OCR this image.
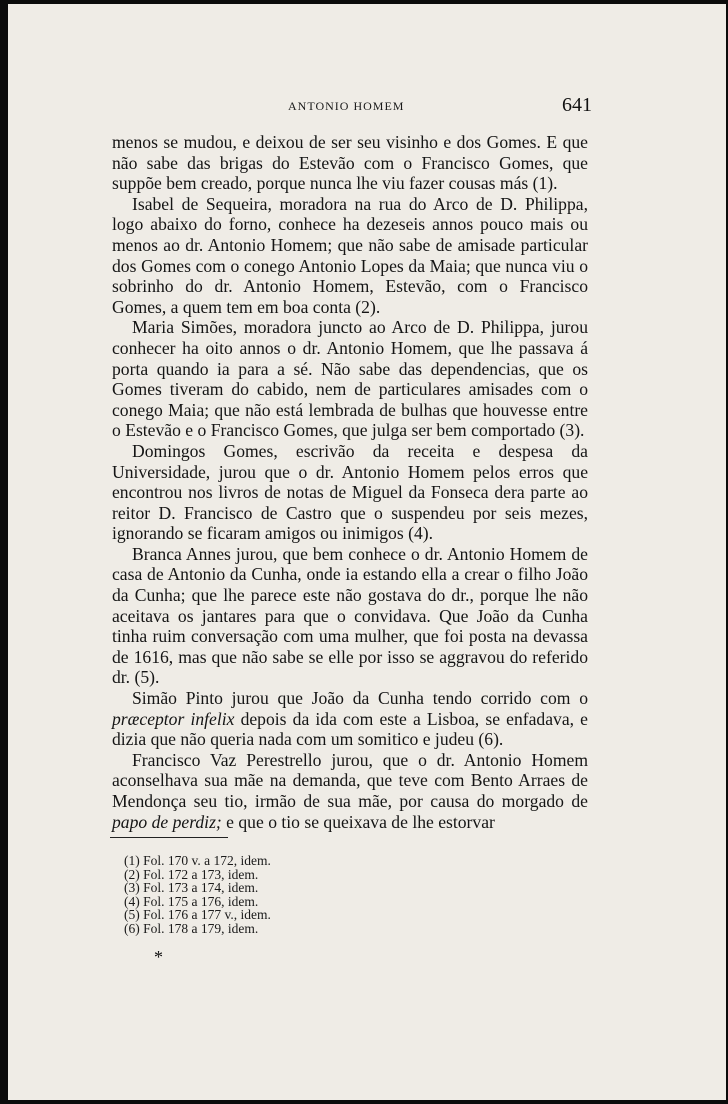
ANTONIO HOMEM	641

menos se mudou, e deixou de ser seu visinho e dos Gomes. E que não sabe das brigas do Estevão com o Francisco Gomes, que suppõe bem creado, porque nunca lhe viu fazer cousas más (1).

Isabel de Sequeira, moradora na rua do Arco de D. Philippa, logo abaixo do forno, conhece ha dezeseis annos pouco mais ou menos ao dr. Antonio Homem; que não sabe de amisade particular dos Gomes com o conego Antonio Lopes da Maia; que nunca viu o sobrinho do dr. Antonio Homem, Estevão, com o Francisco Gomes, a quem tem em boa conta (2).

Maria Simões, moradora juncto ao Arco de D. Philippa, jurou conhecer ha oito annos o dr. Antonio Homem, que lhe passava á porta quando ia para a sé. Não sabe das dependencias, que os Gomes tiveram do cabido, nem de particulares amisades com o conego Maia; que não está lembrada de bulhas que houvesse entre o Estevão e o Francisco Gomes, que julga ser bem comportado (3).

Domingos Gomes, escrivão da receita e despesa da Universidade, jurou que o dr. Antonio Homem pelos erros que encontrou nos livros de notas de Miguel da Fonseca dera parte ao reitor D. Francisco de Castro que o suspendeu por seis mezes, ignorando se ficaram amigos ou inimigos (4).

Branca Annes jurou, que bem conhece o dr. Antonio Homem de casa de Antonio da Cunha, onde ia estando ella a crear o filho João da Cunha; que lhe parece este não gostava do dr., porque lhe não aceitava os jantares para que o convidava. Que João da Cunha tinha ruim conversação com uma mulher, que foi posta na devassa de 1616, mas que não sabe se elle por isso se aggravou do referido dr. (5).

Simão Pinto jurou que João da Cunha tendo corrido com o præceptor infelix depois da ida com este a Lisboa, se enfadava, e dizia que não queria nada com um somitico e judeu (6).

Francisco Vaz Perestrello jurou, que o dr. Antonio Homem aconselhava sua mãe na demanda, que teve com Bento Arraes de Mendonça seu tio, irmão de sua mãe, por causa do morgado de papo de perdiz; e que o tio se queixava de lhe estorvar

(1) Fol. 170 v. a 172, idem.
(2) Fol. 172 a 173, idem.
(3) Fol. 173 a 174, idem.
(4) Fol. 175 a 176, idem.
(5) Fol. 176 a 177 v., idem.
(6) Fol. 178 a 179, idem.
*
